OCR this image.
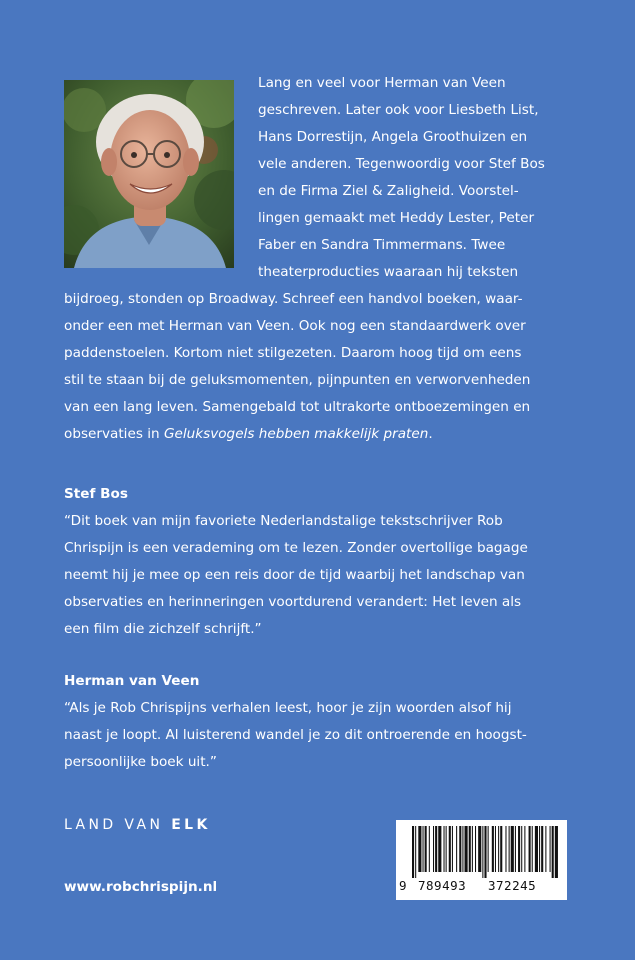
Lang en veel voor Herman van Veen
geschreven. Later ook voor Liesbeth List,
Hans Dorrestijn, Angela Groothuizen en
vele anderen. Tegenwoordig voor Stef Bos
en de Firma Ziel & Zaligheid. Voorstel-
lingen gemaakt met Heddy Lester, Peter
Faber en Sandra Timmermans. Twee
theaterproducties waaraan hij teksten
bijdroeg, stonden op Broadway. Schreef een handvol boeken, waar-
onder een met Herman van Veen. Ook nog een standaardwerk over
paddenstoelen. Kortom niet stilgezeten. Daarom hoog tijd om eens
stil te staan bij de geluksmomenten, pijnpunten en verworvenheden
van een lang leven. Samengebald tot ultrakorte ontboezemingen en
observaties in Geluksvogels hebben makkelijk praten.
Stef Bos
“Dit boek van mijn favoriete Nederlandstalige tekstschrijver Rob
Chrispijn is een verademing om te lezen. Zonder overtollige bagage
neemt hij je mee op een reis door de tijd waarbij het landschap van
observaties en herinneringen voortdurend verandert: Het leven als
een film die zichzelf schrijft.”
Herman van Veen
“Als je Rob Chrispijns verhalen leest, hoor je zijn woorden alsof hij
naast je loopt. Al luisterend wandel je zo dit ontroerende en hoogst-
persoonlijke boek uit.”
LAND VAN ELK
www.robchrispijn.nl	9 789493 372245
